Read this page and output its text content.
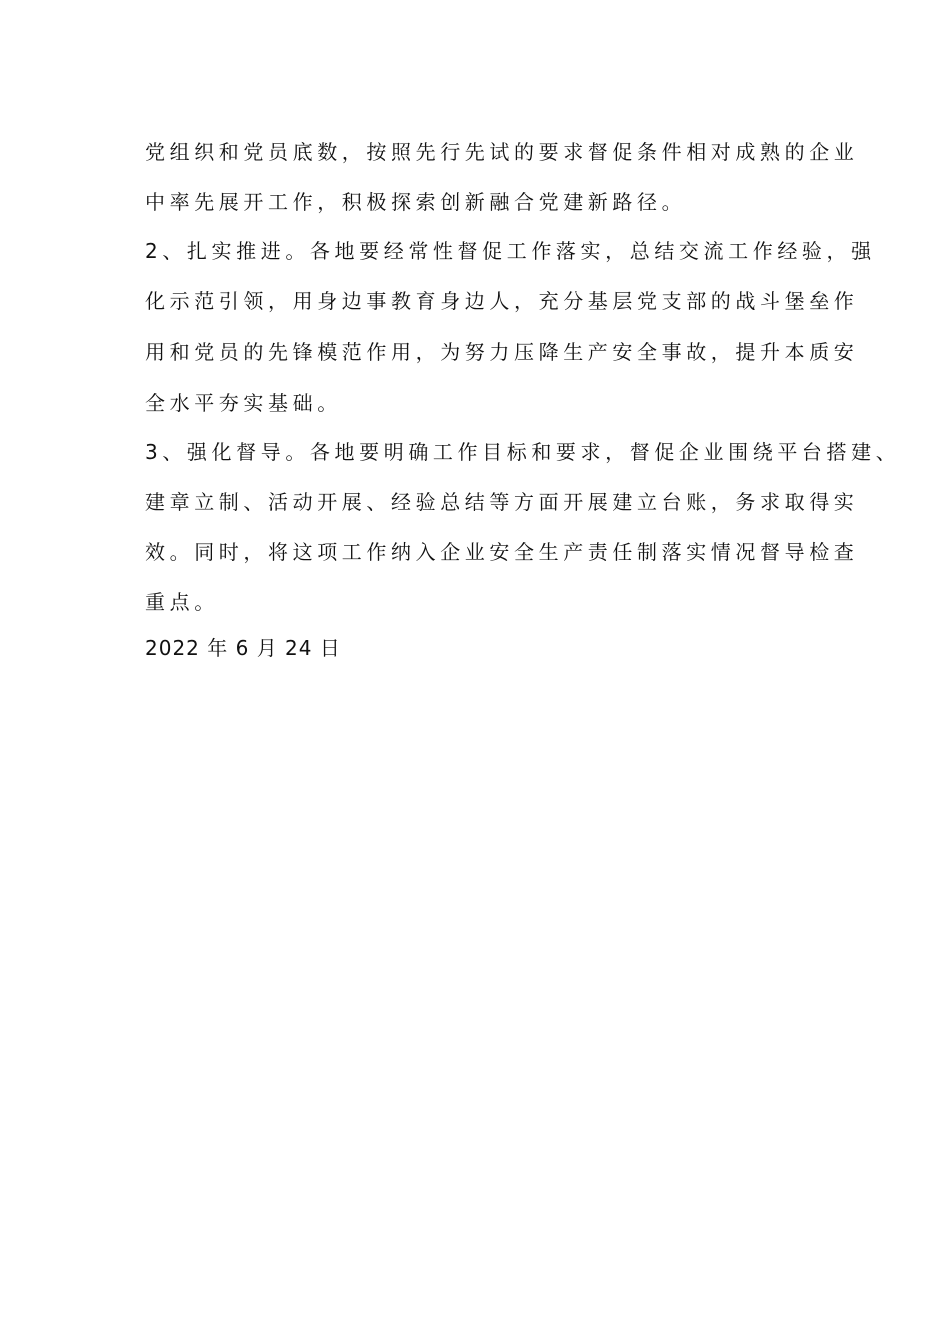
党组织和党员底数，按照先行先试的要求督促条件相对成熟的企业
中率先展开工作，积极探索创新融合党建新路径。
2、扎实推进。各地要经常性督促工作落实，总结交流工作经验，强
化示范引领，用身边事教育身边人，充分基层党支部的战斗堡垒作
用和党员的先锋模范作用，为努力压降生产安全事故，提升本质安
全水平夯实基础。
3、强化督导。各地要明确工作目标和要求，督促企业围绕平台搭建、
建章立制、活动开展、经验总结等方面开展建立台账，务求取得实
效。同时，将这项工作纳入企业安全生产责任制落实情况督导检查
重点。
2022 年 6 月 24 日
